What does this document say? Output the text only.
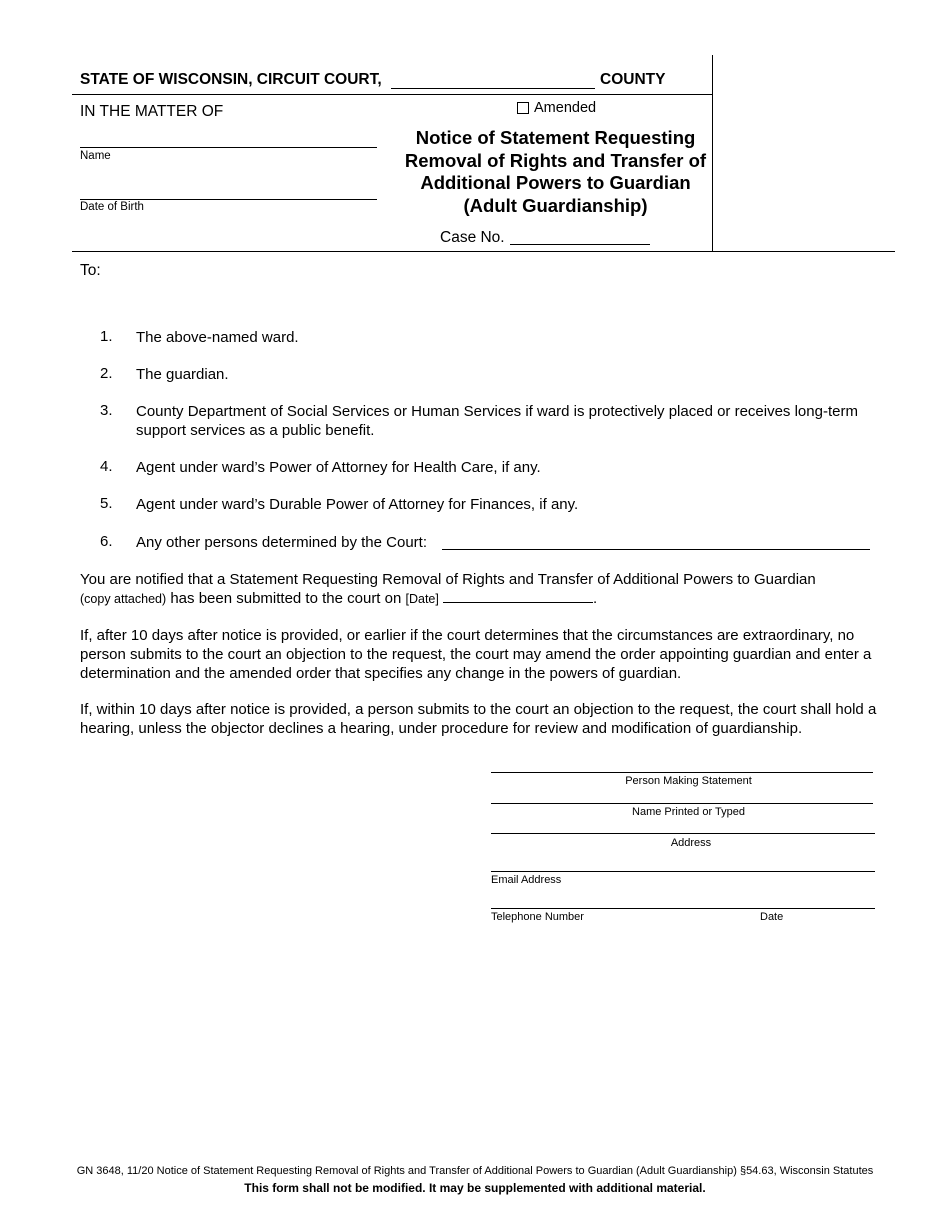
STATE OF WISCONSIN, CIRCUIT COURT,	COUNTY
IN THE MATTER OF
Name
Date of Birth
Amended
Notice of Statement Requesting
Removal of Rights and Transfer of
Additional Powers to Guardian
(Adult Guardianship)
Case No.
To:
1.	The above-named ward.
2.	The guardian.
3.	County Department of Social Services or Human Services if ward is protectively placed or receives long-term support services as a public benefit.
4.	Agent under ward’s Power of Attorney for Health Care, if any.
5.	Agent under ward’s Durable Power of Attorney for Finances, if any.
6.	Any other persons determined by the Court:
You are notified that a Statement Requesting Removal of Rights and Transfer of Additional Powers to Guardian
(copy attached) has been submitted to the court on [Date]	.
If, after 10 days after notice is provided, or earlier if the court determines that the circumstances are extraordinary, no person submits to the court an objection to the request, the court may amend the order appointing guardian and enter a determination and the amended order that specifies any change in the powers of guardian.
If, within 10 days after notice is provided, a person submits to the court an objection to the request, the court shall hold a hearing, unless the objector declines a hearing, under procedure for review and modification of guardianship.
Person Making Statement
Name Printed or Typed
Address
Email Address
Telephone Number	Date
GN 3648, 11/20 Notice of Statement Requesting Removal of Rights and Transfer of Additional Powers to Guardian (Adult Guardianship) §54.63, Wisconsin Statutes
This form shall not be modified. It may be supplemented with additional material.
